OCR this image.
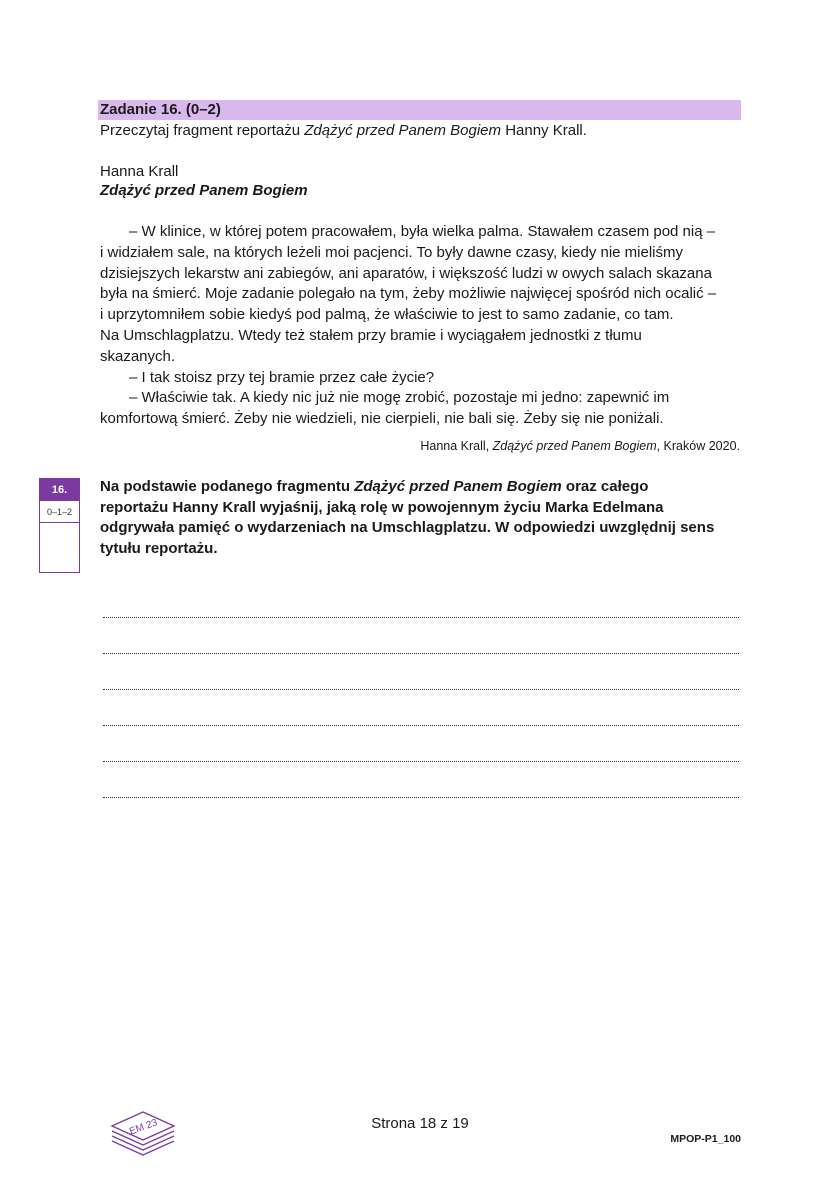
Zadanie 16. (0–2)
Przeczytaj fragment reportażu Zdążyć przed Panem Bogiem Hanny Krall.
Hanna Krall
Zdążyć przed Panem Bogiem
– W klinice, w której potem pracowałem, była wielka palma. Stawałem czasem pod nią –
i widziałem sale, na których leżeli moi pacjenci. To były dawne czasy, kiedy nie mieliśmy
dzisiejszych lekarstw ani zabiegów, ani aparatów, i większość ludzi w owych salach skazana
była na śmierć. Moje zadanie polegało na tym, żeby możliwie najwięcej spośród nich ocalić –
i uprzytomniłem sobie kiedyś pod palmą, że właściwie to jest to samo zadanie, co tam.
Na Umschlagplatzu. Wtedy też stałem przy bramie i wyciągałem jednostki z tłumu
skazanych.
– I tak stoisz przy tej bramie przez całe życie?
– Właściwie tak. A kiedy nic już nie mogę zrobić, pozostaje mi jedno: zapewnić im
komfortową śmierć. Żeby nie wiedzieli, nie cierpieli, nie bali się. Żeby się nie poniżali.
Hanna Krall, Zdążyć przed Panem Bogiem, Kraków 2020.
16.
0–1–2
Na podstawie podanego fragmentu Zdążyć przed Panem Bogiem oraz całego
reportażu Hanny Krall wyjaśnij, jaką rolę w powojennym życiu Marka Edelmana
odgrywała pamięć o wydarzeniach na Umschlagplatzu. W odpowiedzi uwzględnij sens
tytułu reportażu.
EM 23	Strona 18 z 19
MPOP-P1_100
